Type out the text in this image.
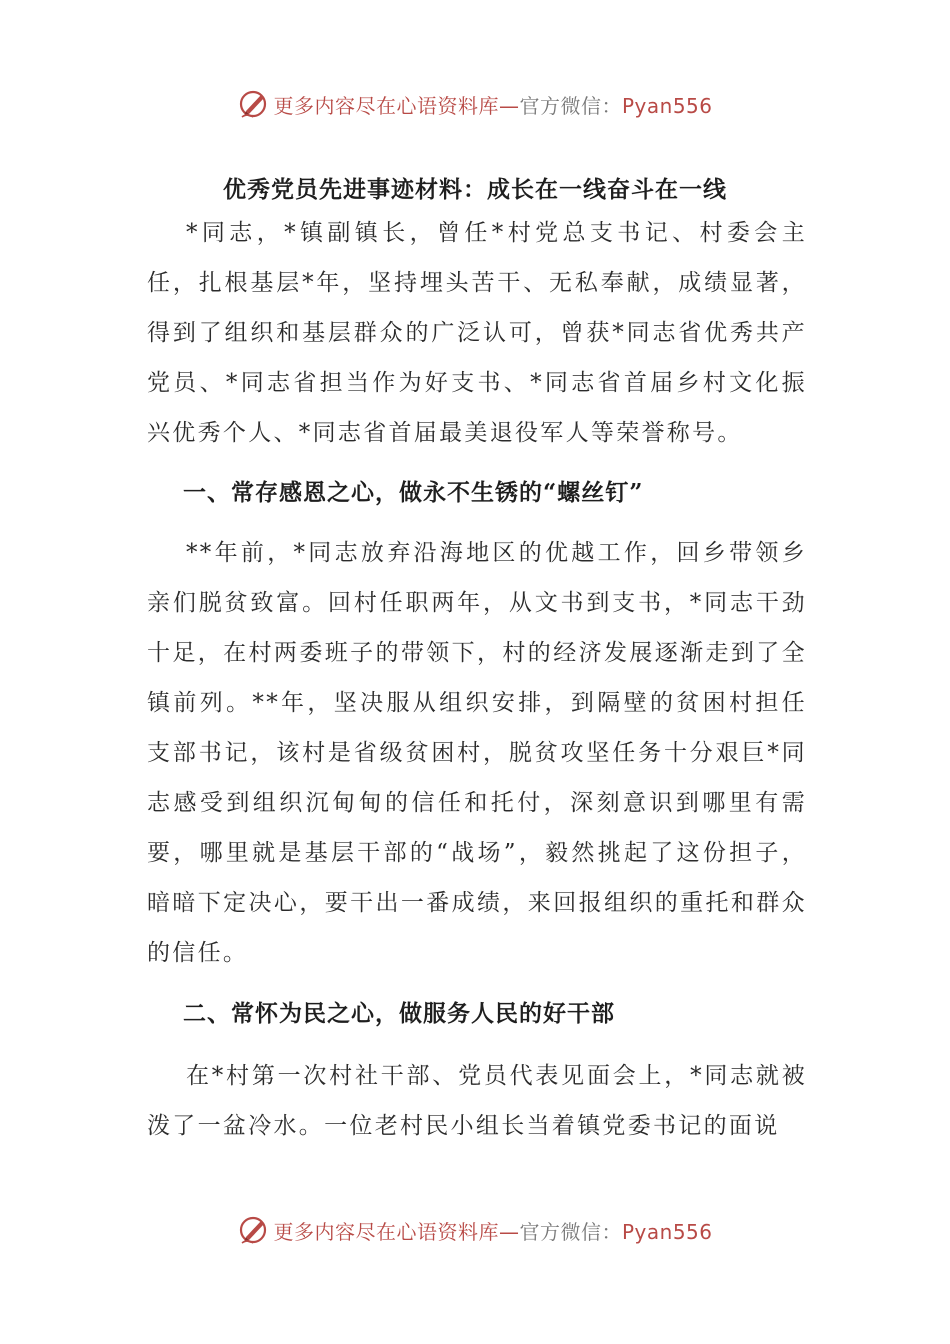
更多内容尽在心语资料库—官方微信：Pyan556
优秀党员先进事迹材料：成长在一线奋斗在一线

*同志，*镇副镇长，曾任*村党总支书记、村委会主任，扎根基层*年，坚持埋头苦干、无私奉献，成绩显著，得到了组织和基层群众的广泛认可，曾获*同志省优秀共产党员、*同志省担当作为好支书、*同志省首届乡村文化振兴优秀个人、*同志省首届最美退役军人等荣誉称号。

一、常存感恩之心，做永不生锈的“螺丝钉”

**年前，*同志放弃沿海地区的优越工作，回乡带领乡亲们脱贫致富。回村任职两年，从文书到支书，*同志干劲十足，在村两委班子的带领下，村的经济发展逐渐走到了全镇前列。**年，坚决服从组织安排，到隔壁的贫困村担任支部书记，该村是省级贫困村，脱贫攻坚任务十分艰巨*同志感受到组织沉甸甸的信任和托付，深刻意识到哪里有需要，哪里就是基层干部的“战场”，毅然挑起了这份担子，暗暗下定决心，要干出一番成绩，来回报组织的重托和群众的信任。

二、常怀为民之心，做服务人民的好干部

在*村第一次村社干部、党员代表见面会上，*同志就被泼了一盆冷水。一位老村民小组长当着镇党委书记的面说

更多内容尽在心语资料库—官方微信：Pyan556
